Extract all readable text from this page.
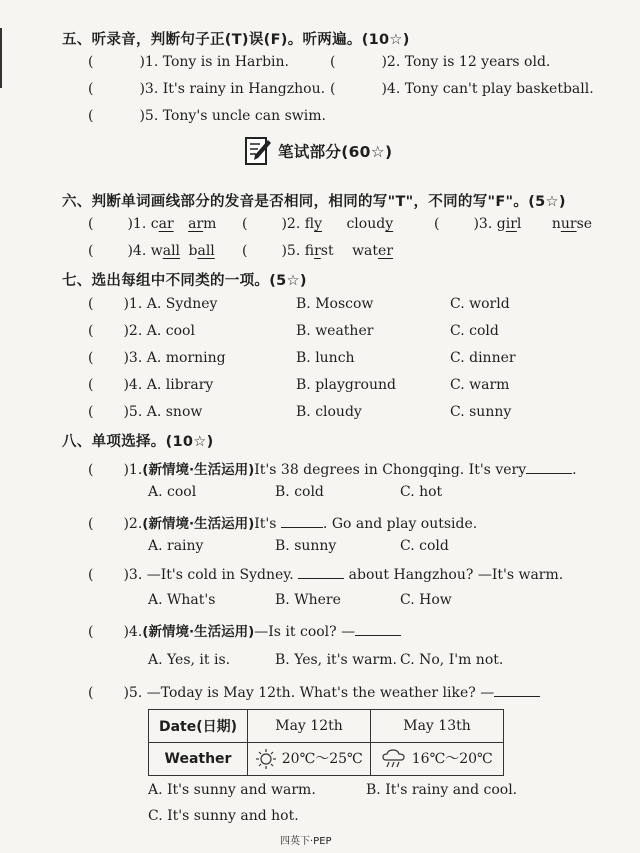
五、听录音，判断句子正(T)误(F)。听两遍。(10☆)
(	)1. Tony is in Harbin.	(	)2. Tony is 12 years old.
(	)3. It's rainy in Hangzhou. (	)4. Tony can't play basketball.
(	)5. Tony's uncle can swim.
笔试部分(60☆)
六、判断单词画线部分的发音是否相同，相同的写"T"，不同的写"F"。(5☆)
( )1. car arm ( )2. fly cloudy	( )3. girl nurse
( )4. wall ball ( )5. first water
七、选出每组中不同类的一项。(5☆)
( )1. A. Sydney	B. Moscow	C. world
( )2. A. cool	B. weather	C. cold
( )3. A. morning	B. lunch	C. dinner
( )4. A. library	B. playground	C. warm
( )5. A. snow	B. cloudy	C. sunny
八、单项选择。(10☆)
( )1.(新情境·生活运用)It's 38 degrees in Chongqing. It's very	.
A. cool	B. cold	C. hot
( )2.(新情境·生活运用)It's	. Go and play outside.
A. rainy	B. sunny	C. cold
( )3. —It's cold in Sydney.	about Hangzhou? —It's warm.
A. What's	B. Where	C. How
( )4.(新情境·生活运用)—Is it cool? —
A. Yes, it is.	B. Yes, it's warm. C. No, I'm not.
( )5. —Today is May 12th. What's the weather like? —
Date(日期)	May 12th	May 13th
Weather	20℃～25℃	16℃～20℃
A. It's sunny and warm.	B. It's rainy and cool.
C. It's sunny and hot.
四英下·PEP
